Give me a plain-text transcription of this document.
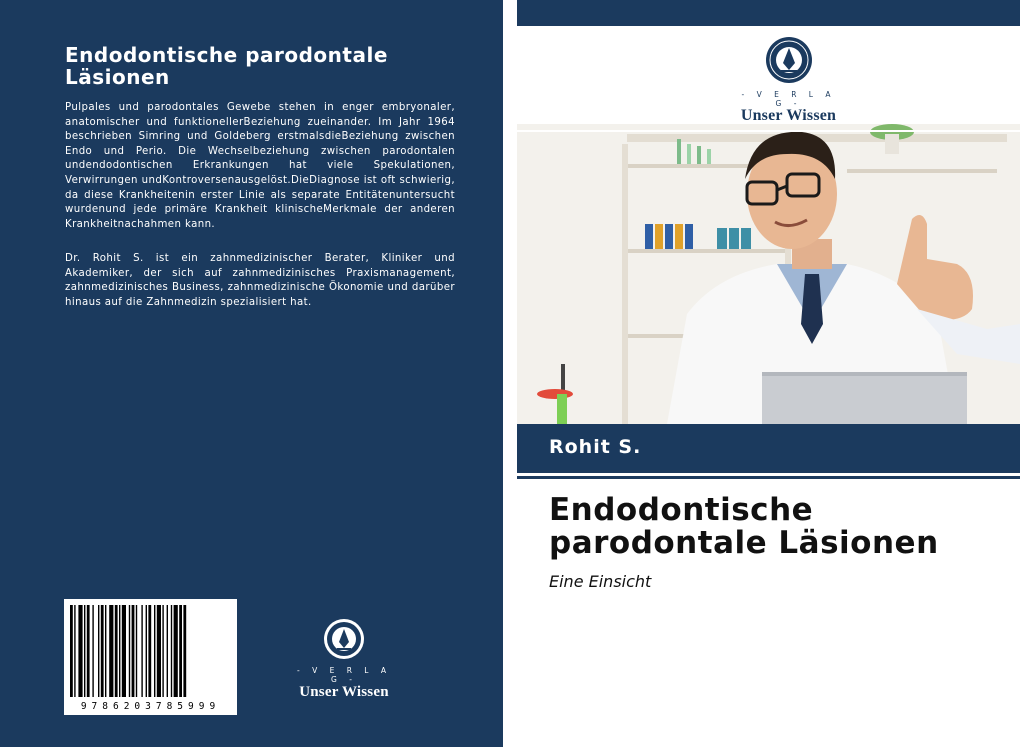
Endodontische parodontale Läsionen
Pulpales und parodontales Gewebe stehen in enger embryonaler, anatomischer und funktionellerBeziehung zueinander. Im Jahr 1964 beschrieben Simring und Goldeberg erstmalsdieBeziehung zwischen Endo und Perio. Die Wechselbeziehung zwischen parodontalen undendodontischen Erkrankungen hat viele Spekulationen, Verwirrungen undKontroversenausgelöst.DieDiagnose ist oft schwierig, da diese Krankheitenin erster Linie als separate Entitätenuntersucht wurdenund jede primäre Krankheit klinischeMerkmale der anderen Krankheitnachahmen kann.
Dr. Rohit S. ist ein zahnmedizinischer Berater, Kliniker und Akademiker, der sich auf zahnmedizinisches Praxismanagement, zahnmedizinisches Business, zahnmedizinische Ökonomie und darüber hinaus auf die Zahnmedizin spezialisiert hat.
9786203785999
- V E R L A G -
Unser Wissen
- V E R L A G -
Unser Wissen
Rohit S.
Endodontische parodontale Läsionen
Eine Einsicht
